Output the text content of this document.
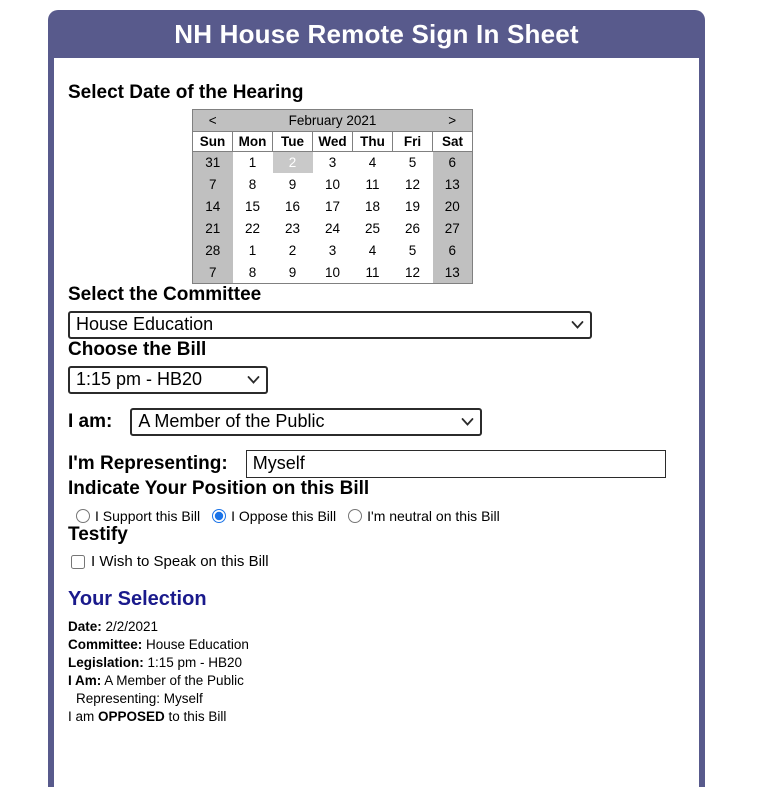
NH House Remote Sign In Sheet
Select Date of the Hearing
<	February 2021					>
Sun	Mon	Tue	Wed	Thu	Fri	Sat
31	1	2	3	4	5	6
7	8	9	10	11	12	13
14	15	16	17	18	19	20
21	22	23	24	25	26	27
28	1	2	3	4	5	6
7	8	9	10	11	12	13
Select the Committee
House Education
Choose the Bill
1:15 pm - HB20
I am:
A Member of the Public
I'm Representing:
Myself
Indicate Your Position on this Bill
I Support this Bill I Oppose this Bill I'm neutral on this Bill
Testify
I Wish to Speak on this Bill
Your Selection
Date: 2/2/2021
Committee: House Education
Legislation: 1:15 pm - HB20
I Am: A Member of the Public
Representing: Myself
I am OPPOSED to this Bill
